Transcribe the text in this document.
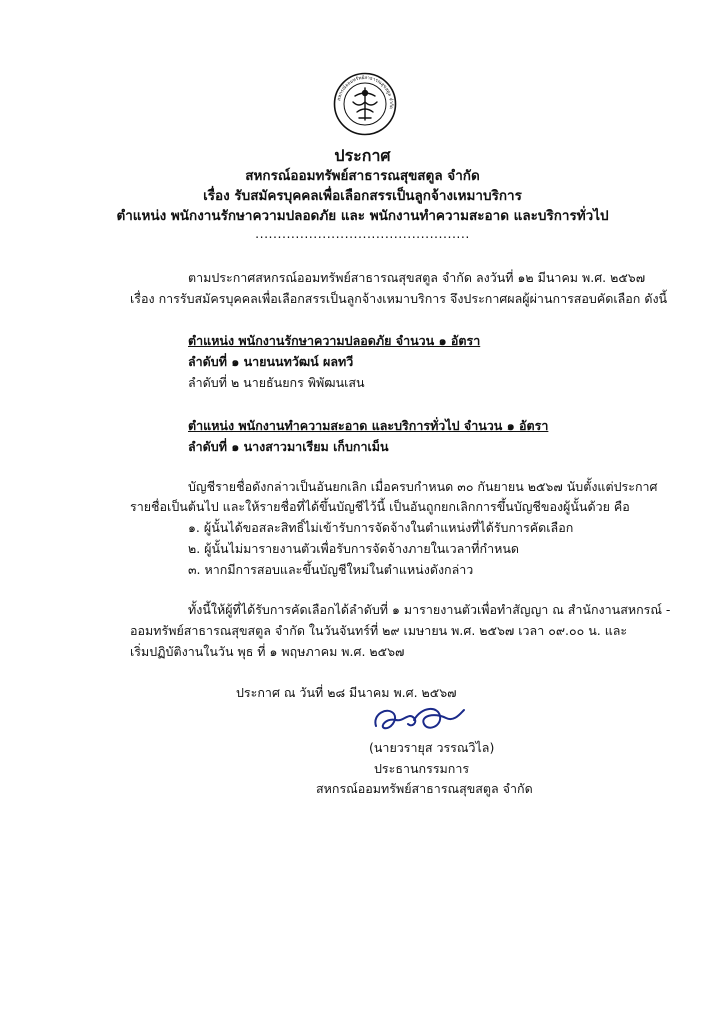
สหกรณ์ออมทรัพย์สาธารณสุขสตูล จำกัด
ประกาศ
สหกรณ์ออมทรัพย์สาธารณสุขสตูล จำกัด
เรื่อง รับสมัครบุคคลเพื่อเลือกสรรเป็นลูกจ้างเหมาบริการ
ตำแหน่ง พนักงานรักษาความปลอดภัย และ พนักงานทำความสะอาด และบริการทั่วไป
................................................
ตามประกาศสหกรณ์ออมทรัพย์สาธารณสุขสตูล จำกัด ลงวันที่ ๑๒ มีนาคม พ.ศ. ๒๕๖๗
เรื่อง การรับสมัครบุคคลเพื่อเลือกสรรเป็นลูกจ้างเหมาบริการ จึงประกาศผลผู้ผ่านการสอบคัดเลือก ดังนี้
ตำแหน่ง พนักงานรักษาความปลอดภัย จำนวน ๑ อัตรา
ลำดับที่ ๑ นายนนทวัฒน์ ผลทวี
ลำดับที่ ๒ นายธันยกร พิพัฒนเสน
ตำแหน่ง พนักงานทำความสะอาด และบริการทั่วไป จำนวน ๑ อัตรา
ลำดับที่ ๑ นางสาวมาเรียม เก็บกาเม็น
บัญชีรายชื่อดังกล่าวเป็นอันยกเลิก เมื่อครบกำหนด ๓๐ กันยายน ๒๕๖๗ นับตั้งแต่ประกาศ
รายชื่อเป็นต้นไป และให้รายชื่อที่ได้ขึ้นบัญชีไว้นี้ เป็นอันถูกยกเลิกการขึ้นบัญชีของผู้นั้นด้วย คือ
๑. ผู้นั้นได้ขอสละสิทธิ์ไม่เข้ารับการจัดจ้างในตำแหน่งที่ได้รับการคัดเลือก
๒. ผู้นั้นไม่มารายงานตัวเพื่อรับการจัดจ้างภายในเวลาที่กำหนด
๓. หากมีการสอบและขึ้นบัญชีใหม่ในตำแหน่งดังกล่าว
ทั้งนี้ให้ผู้ที่ได้รับการคัดเลือกได้ลำดับที่ ๑ มารายงานตัวเพื่อทำสัญญา ณ สำนักงานสหกรณ์ -
ออมทรัพย์สาธารณสุขสตูล จำกัด ในวันจันทร์ที่ ๒๙ เมษายน พ.ศ. ๒๕๖๗ เวลา ๐๙.๐๐ น. และ
เริ่มปฏิบัติงานในวัน พุธ ที่ ๑ พฤษภาคม พ.ศ. ๒๕๖๗
ประกาศ ณ วันที่ ๒๘ มีนาคม พ.ศ. ๒๕๖๗
(นายวรายุส วรรณวิไล)
ประธานกรรมการ
สหกรณ์ออมทรัพย์สาธารณสุขสตูล จำกัด
